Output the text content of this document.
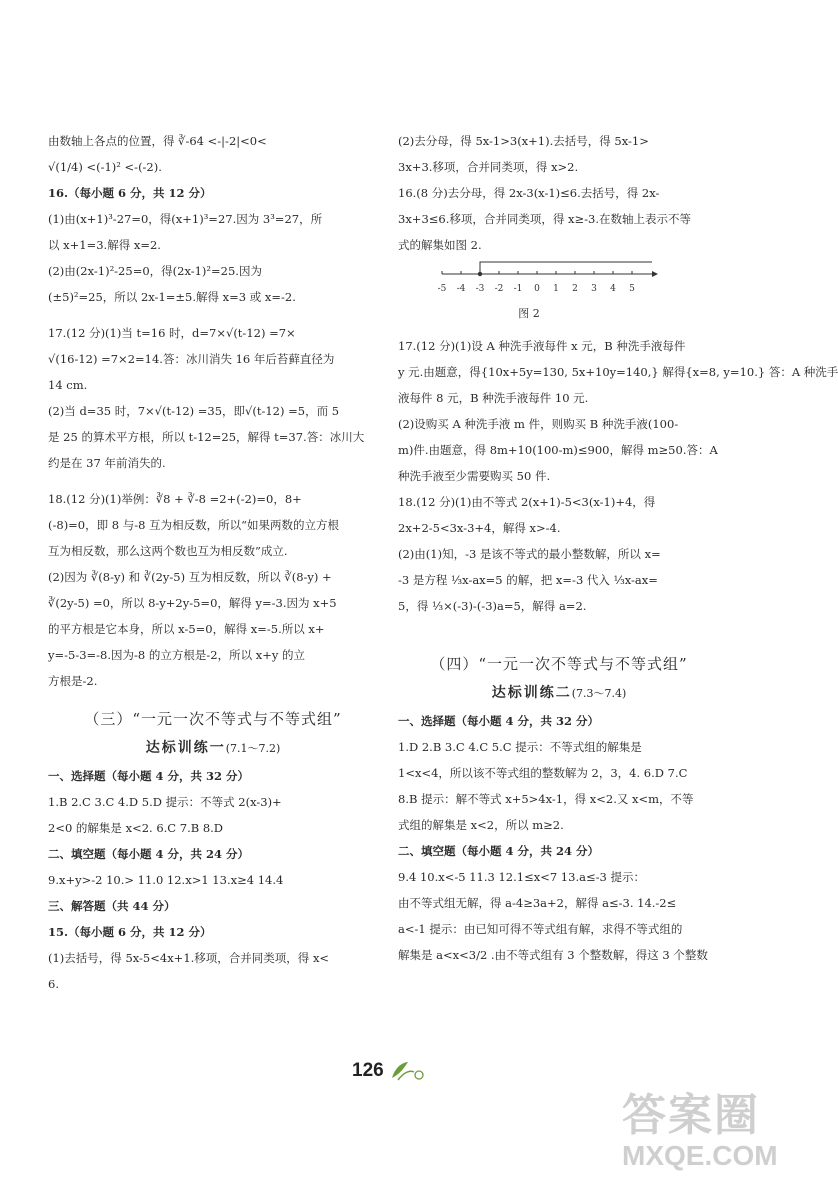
由数轴上各点的位置，得 ∛-64 <-|-2|<0<
√(1/4) <(-1)² <-(-2).
16.（每小题 6 分，共 12 分）
(1)由(x+1)³-27=0，得(x+1)³=27.因为 3³=27，所
以 x+1=3.解得 x=2.
(2)由(2x-1)²-25=0，得(2x-1)²=25.因为
(±5)²=25，所以 2x-1=±5.解得 x=3 或 x=-2.
17.(12 分)(1)当 t=16 时，d=7×√(t-12) =7×
√(16-12) =7×2=14.答：冰川消失 16 年后苔藓直径为
14 cm.
(2)当 d=35 时，7×√(t-12) =35，即√(t-12) =5，而 5
是 25 的算术平方根，所以 t-12=25，解得 t=37.答：冰川大
约是在 37 年前消失的.
18.(12 分)(1)举例：∛8 + ∛-8 =2+(-2)=0，8+
(-8)=0，即 8 与-8 互为相反数，所以“如果两数的立方根
互为相反数，那么这两个数也互为相反数”成立.
(2)因为 ∛(8-y) 和 ∛(2y-5) 互为相反数，所以 ∛(8-y) +
∛(2y-5) =0，所以 8-y+2y-5=0，解得 y=-3.因为 x+5
的平方根是它本身，所以 x-5=0，解得 x=-5.所以 x+
y=-5-3=-8.因为-8 的立方根是-2，所以 x+y 的立
方根是-2.
（三）“一元一次不等式与不等式组”
达标训练一(7.1～7.2)
一、选择题（每小题 4 分，共 32 分）
1.B 2.C 3.C 4.D 5.D 提示：不等式 2(x-3)+
2<0 的解集是 x<2. 6.C 7.B 8.D
二、填空题（每小题 4 分，共 24 分）
9.x+y>-2 10.> 11.0 12.x>1 13.x≥4 14.4
三、解答题（共 44 分）
15.（每小题 6 分，共 12 分）
(1)去括号，得 5x-5<4x+1.移项，合并同类项，得 x<
6.
(2)去分母，得 5x-1>3(x+1).去括号，得 5x-1>
3x+3.移项，合并同类项，得 x>2.
16.(8 分)去分母，得 2x-3(x-1)≤6.去括号，得 2x-
3x+3≤6.移项，合并同类项，得 x≥-3.在数轴上表示不等
式的解集如图 2.
-5 -4 -3 -2 -1 0 1 2 3 4 5
图 2
17.(12 分)(1)设 A 种洗手液每件 x 元，B 种洗手液每件
y 元.由题意，得{10x+5y=130, 5x+10y=140,} 解得{x=8, y=10.} 答：A 种洗手
液每件 8 元，B 种洗手液每件 10 元.
(2)设购买 A 种洗手液 m 件，则购买 B 种洗手液(100-
m)件.由题意，得 8m+10(100-m)≤900，解得 m≥50.答：A
种洗手液至少需要购买 50 件.
18.(12 分)(1)由不等式 2(x+1)-5<3(x-1)+4，得
2x+2-5<3x-3+4，解得 x>-4.
(2)由(1)知，-3 是该不等式的最小整数解，所以 x=
-3 是方程 ⅓x-ax=5 的解，把 x=-3 代入 ⅓x-ax=
5，得 ⅓×(-3)-(-3)a=5，解得 a=2.
（四）“一元一次不等式与不等式组”
达标训练二(7.3～7.4)
一、选择题（每小题 4 分，共 32 分）
1.D 2.B 3.C 4.C 5.C 提示：不等式组的解集是
1<x<4，所以该不等式组的整数解为 2，3，4. 6.D 7.C
8.B 提示：解不等式 x+5>4x-1，得 x<2.又 x<m，不等
式组的解集是 x<2，所以 m≥2.
二、填空题（每小题 4 分，共 24 分）
9.4 10.x<-5 11.3 12.1≤x<7 13.a≤-3 提示：
由不等式组无解，得 a-4≥3a+2，解得 a≤-3. 14.-2≤
a<-1 提示：由已知可得不等式组有解，求得不等式组的
解集是 a<x<3/2 .由不等式组有 3 个整数解，得这 3 个整数
126
答案圈
MXQE.COM
